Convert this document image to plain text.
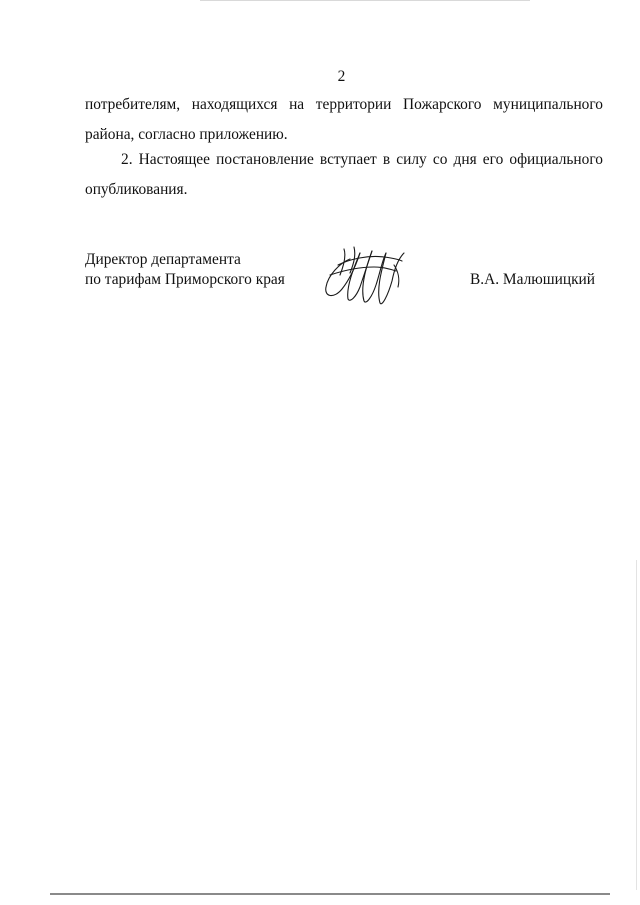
2

потребителям, находящихся на территории Пожарского муниципального района, согласно приложению.

2. Настоящее постановление вступает в силу со дня его официального опубликования.

Директор департамента
по тарифам Приморского края	В.А. Малюшицкий
